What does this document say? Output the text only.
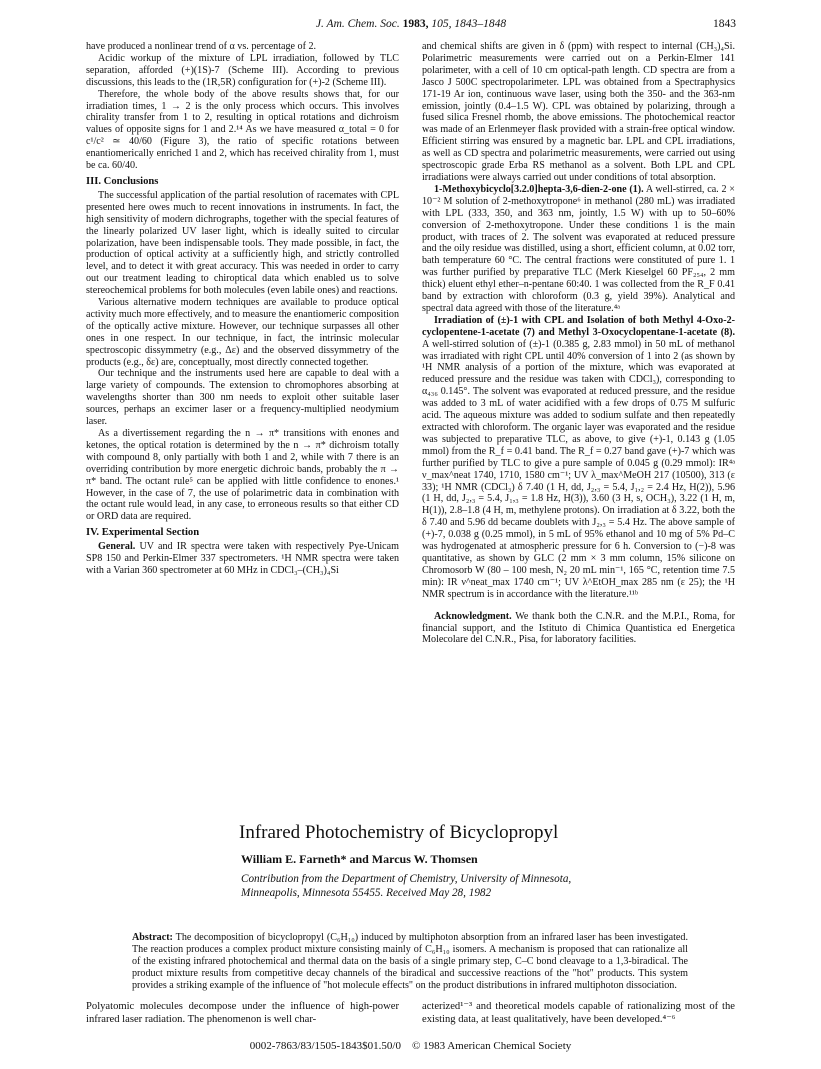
J. Am. Chem. Soc. 1983, 105, 1843–1848	1843

have produced a nonlinear trend of α vs. percentage of 2.

Acidic workup of the mixture of LPL irradiation, followed by TLC separation, afforded (+)(1S)-7 (Scheme III). According to previous discussions, this leads to the (1R,5R) configuration for (+)-2 (Scheme III).

Therefore, the whole body of the above results shows that, for our irradiation times, 1 → 2 is the only process which occurs. This involves chirality transfer from 1 to 2, resulting in optical rotations and dichroism values of opposite signs for 1 and 2.¹⁴ As we have measured α_total = 0 for c¹/c² ≃ 40/60 (Figure 3), the ratio of specific rotations between enantiomerically enriched 1 and 2, which has received chirality from 1, must be ca. 60/40.

III. Conclusions

The successful application of the partial resolution of racemates with CPL presented here owes much to recent innovations in instruments. In fact, the high sensitivity of modern dichrographs, together with the special features of the linearly polarized UV laser light, which is ideally suited to circular polarization, have been indispensable tools. They made possible, in fact, the production of optical activity at a sufficiently high, and strictly controlled level, and to detect it with great accuracy. This was needed in order to carry out our treatment leading to chiroptical data which enabled us to solve stereochemical problems for both molecules (even labile ones) and reactions.

Various alternative modern techniques are available to produce optical activity much more effectively, and to measure the enantiomeric composition of the optically active mixture. However, our technique surpasses all other ones in one respect. In our technique, in fact, the intrinsic molecular spectroscopic dissymmetry (e.g., Δε) and the observed dissymmetry of the products (e.g., δε) are, conceptually, most directly connected together.

Our technique and the instruments used here are capable to deal with a large variety of compounds. The extension to chromophores absorbing at wavelengths shorter than 300 nm needs to exploit other suitable laser sources, perhaps an excimer laser or a frequency-multiplied neodymium laser.

As a divertissement regarding the n → π* transitions with enones and ketones, the optical rotation is determined by the n → π* dichroism totally with compound 8, only partially with both 1 and 2, while with 7 there is an overriding contribution by more energetic dichroic bands, probably the π → π* band. The octant rule⁵ can be applied with little confidence to enones.¹ However, in the case of 7, the use of polarimetric data in combination with the octant rule would lead, in any case, to erroneous results so that either CD or ORD data are required.

IV. Experimental Section

General. UV and IR spectra were taken with respectively Pye-Unicam SP8 150 and Perkin-Elmer 337 spectrometers. ¹H NMR spectra were taken with a Varian 360 spectrometer at 60 MHz in CDCl₃–(CH₃)₄Si

and chemical shifts are given in δ (ppm) with respect to internal (CH₃)₄Si. Polarimetric measurements were carried out on a Perkin-Elmer 141 polarimeter, with a cell of 10 cm optical-path length. CD spectra are from a Jasco J 500C spectropolarimeter. LPL was obtained from a Spectraphysics 171-19 Ar ion, continuous wave laser, using both the 350- and the 363-nm emission, jointly (0.4–1.5 W). CPL was obtained by polarizing, through a fused silica Fresnel rhomb, the above emissions. The photochemical reactor was made of an Erlenmeyer flask provided with a strain-free optical window. Efficient stirring was ensured by a magnetic bar. LPL and CPL irradiations, as well as CD spectra and polarimetric measurements, were carried out using spectroscopic grade Erba RS methanol as a solvent. Both LPL and CPL irradiations were always carried out under conditions of total absorption.

1-Methoxybicyclo[3.2.0]hepta-3,6-dien-2-one (1). A well-stirred, ca. 2 × 10⁻² M solution of 2-methoxytropone⁶ in methanol (280 mL) was irradiated with LPL (333, 350, and 363 nm, jointly, 1.5 W) with up to 50–60% conversion of 2-methoxytropone. Under these conditions 1 is the main product, with traces of 2. The solvent was evaporated at reduced pressure and the oily residue was distilled, using a short, efficient column, at 0.02 torr, bath temperature 60 °C. The central fractions were constituted of pure 1. 1 was further purified by preparative TLC (Merk Kieselgel 60 PF₂₅₄, 2 mm thick) eluent ethyl ether–n-pentane 60:40. 1 was collected from the R_F 0.41 band by extraction with chloroform (0.3 g, yield 39%). Analytical and spectral data agreed with those of the literature.⁴ᵃ

Irradiation of (±)-1 with CPL and Isolation of both Methyl 4-Oxo-2-cyclopentene-1-acetate (7) and Methyl 3-Oxocyclopentane-1-acetate (8). A well-stirred solution of (±)-1 (0.385 g, 2.83 mmol) in 50 mL of methanol was irradiated with right CPL until 40% conversion of 1 into 2 (as shown by ¹H NMR analysis of a portion of the mixture, which was evaporated at reduced pressure and the residue was taken with CDCl₃), corresponding to α₄₃₆ 0.145°. The solvent was evaporated at reduced pressure, and the residue was added to 3 mL of water acidified with a few drops of 0.75 M sulfuric acid. The aqueous mixture was added to sodium sulfate and then repeatedly extracted with chloroform. The organic layer was evaporated and the residue was subjected to preparative TLC, as above, to give (+)-1, 0.143 g (1.05 mmol) from the R_f = 0.41 band. The R_f = 0.27 band gave (+)-7 which was further purified by TLC to give a pure sample of 0.045 g (0.29 mmol): IR⁴ᵃ ν_max^neat 1740, 1710, 1580 cm⁻¹; UV λ_max^MeOH 217 (10500), 313 (ε 33); ¹H NMR (CDCl₃) δ 7.40 (1 H, dd, J₂,₃ = 5.4, J₁,₂ = 2.4 Hz, H(2)), 5.96 (1 H, dd, J₂,₃ = 5.4, J₁,₃ = 1.8 Hz, H(3)), 3.60 (3 H, s, OCH₃), 3.22 (1 H, m, H(1)), 2.8–1.8 (4 H, m, methylene protons). On irradiation at δ 3.22, both the δ 7.40 and 5.96 dd became doublets with J₂,₃ = 5.4 Hz. The above sample of (+)-7, 0.038 g (0.25 mmol), in 5 mL of 95% ethanol and 10 mg of 5% Pd–C was hydrogenated at atmospheric pressure for 6 h. Conversion to (−)-8 was quantitative, as shown by GLC (2 mm × 3 mm column, 15% silicone on Chromosorb W (80 – 100 mesh, N₂ 20 mL min⁻¹, 165 °C, retention time 7.5 min): IR ν^neat_max 1740 cm⁻¹; UV λ^EtOH_max 285 nm (ε 25); the ¹H NMR spectrum is in accordance with the literature.¹¹ᵇ

Acknowledgment. We thank both the C.N.R. and the M.P.I., Roma, for financial support, and the Istituto di Chimica Quantistica ed Energetica Molecolare del C.N.R., Pisa, for laboratory facilities.

Infrared Photochemistry of Bicyclopropyl
William E. Farneth* and Marcus W. Thomsen
Contribution from the Department of Chemistry, University of Minnesota,
Minneapolis, Minnesota 55455. Received May 28, 1982
Abstract: The decomposition of bicyclopropyl (C₆H₁₀) induced by multiphoton absorption from an infrared laser has been investigated. The reaction produces a complex product mixture consisting mainly of C₆H₁₀ isomers. A mechanism is proposed that can rationalize all of the existing infrared photochemical and thermal data on the basis of a single primary step, C–C bond cleavage to a 1,3-biradical. The product mixture results from competitive decay channels of the biradical and successive reactions of the "hot" products. This system provides a striking example of the influence of "hot molecule effects" on the product distributions in infrared multiphoton dissociation.
Polyatomic molecules decompose under the influence of high-power infrared laser radiation. The phenomenon is well char-
acterized¹⁻³ and theoretical models capable of rationalizing most of the existing data, at least qualitatively, have been developed.⁴⁻⁶
0002-7863/83/1505-1843$01.50/0 © 1983 American Chemical Society
